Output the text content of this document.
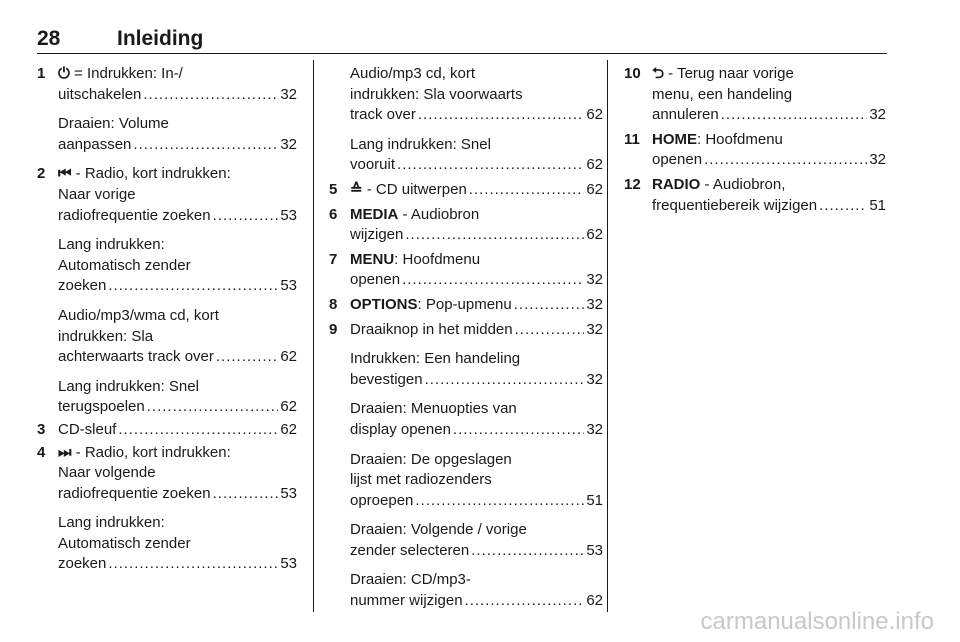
28	Inleiding
1 ⏻ = Indrukken: In-/
uitschakelen .....	32
Draaien: Volume
aanpassen .....	32
2 ⏮ - Radio, kort indrukken:
Naar vorige
radiofrequentie zoeken .....	53
Lang indrukken:
Automatisch zender
zoeken .....	53
Audio/mp3/wma cd, kort
indrukken: Sla
achterwaarts track over .....	62
Lang indrukken: Snel
terugspoelen .....	62
3 CD-sleuf .....	62
4 ⏭ - Radio, kort indrukken:
Naar volgende
radiofrequentie zoeken .....	53
Lang indrukken:
Automatisch zender
zoeken .....	53
Audio/mp3 cd, kort
indrukken: Sla voorwaarts
track over .....	62
Lang indrukken: Snel
vooruit .....	62
5 ≙ - CD uitwerpen .....	62
6 MEDIA - Audiobron
wijzigen .....	62
7 MENU: Hoofdmenu
openen .....	32
8 OPTIONS: Pop-upmenu .....	32
9 Draaiknop in het midden .....	32
Indrukken: Een handeling
bevestigen .....	32
Draaien: Menuopties van
display openen .....	32
Draaien: De opgeslagen
lijst met radiozenders
oproepen .....	51
Draaien: Volgende / vorige
zender selecteren .....	53
Draaien: CD/mp3-
nummer wijzigen .....	62
10 ⮌ - Terug naar vorige
menu, een handeling
annuleren .....	32
11 HOME: Hoofdmenu
openen .....	32
12 RADIO - Audiobron,
frequentiebereik wijzigen .....	51
carmanualsonline.info
